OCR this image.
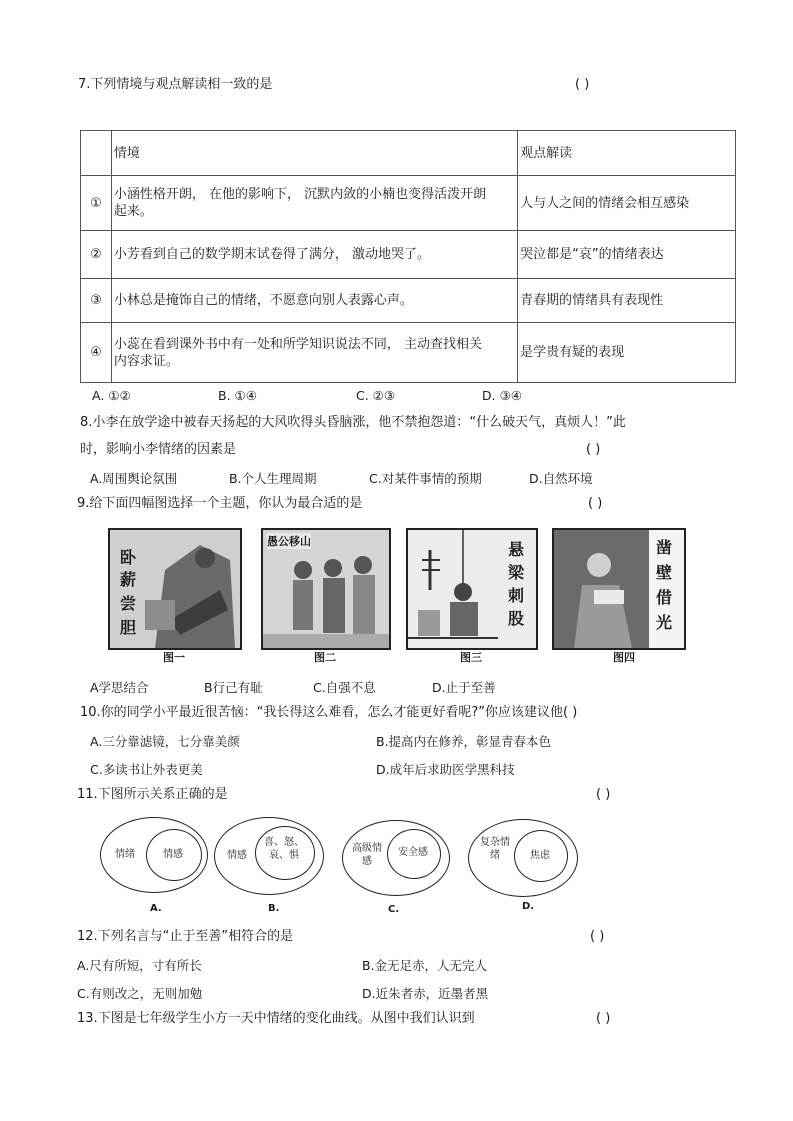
7.下列情境与观点解读相一致的是	( )
	情境	观点解读
①	小涵性格开朗， 在他的影响下， 沉默内敛的小楠也变得活泼开朗
起来。	人与人之间的情绪会相互感染
②	小芳看到自己的数学期末试卷得了满分， 激动地哭了。	哭泣都是“哀”的情绪表达
③	小林总是掩饰自己的情绪，不愿意向别人表露心声。	青春期的情绪具有表现性
④	小蕊在看到课外书中有一处和所学知识说法不同， 主动查找相关
内容求证。	是学贵有疑的表现
A. ①②	B. ①④	C. ②③	D. ③④
8.小李在放学途中被春天扬起的大风吹得头昏脑涨，他不禁抱怨道：“什么破天气，真烦人！”此
时，影响小李情绪的因素是	( )
A.周围舆论氛围	B.个人生理周期	C.对某件事情的预期	D.自然环境
9.给下面四幅图选择一个主题，你认为最合适的是	( )
卧
薪
尝
胆
图一
愚公移山
图二
悬
梁
刺
股
图三
凿
壁
借
光
图四
A学思结合	B行己有耻	C.自强不息	D.止于至善
10.你的同学小平最近很苦恼：“我长得这么难看，怎么才能更好看呢?”你应该建议他( )
A.三分靠滤镜，七分靠美颜	B.提高内在修养，彰显青春本色
C.多读书让外表更美	D.成年后求助医学黑科技
11.下图所示关系正确的是	( )
情绪	情感
A.
情感
喜、怒、哀、惧
B.
高级情感
安全感
C.
复杂情绪	焦虑
D.
12.下列名言与“止于至善”相符合的是	( )
A.尺有所短，寸有所长	B.金无足赤，人无完人
C.有则改之，无则加勉	D.近朱者赤，近墨者黑
13.下图是七年级学生小方一天中情绪的变化曲线。从图中我们认识到	( )
